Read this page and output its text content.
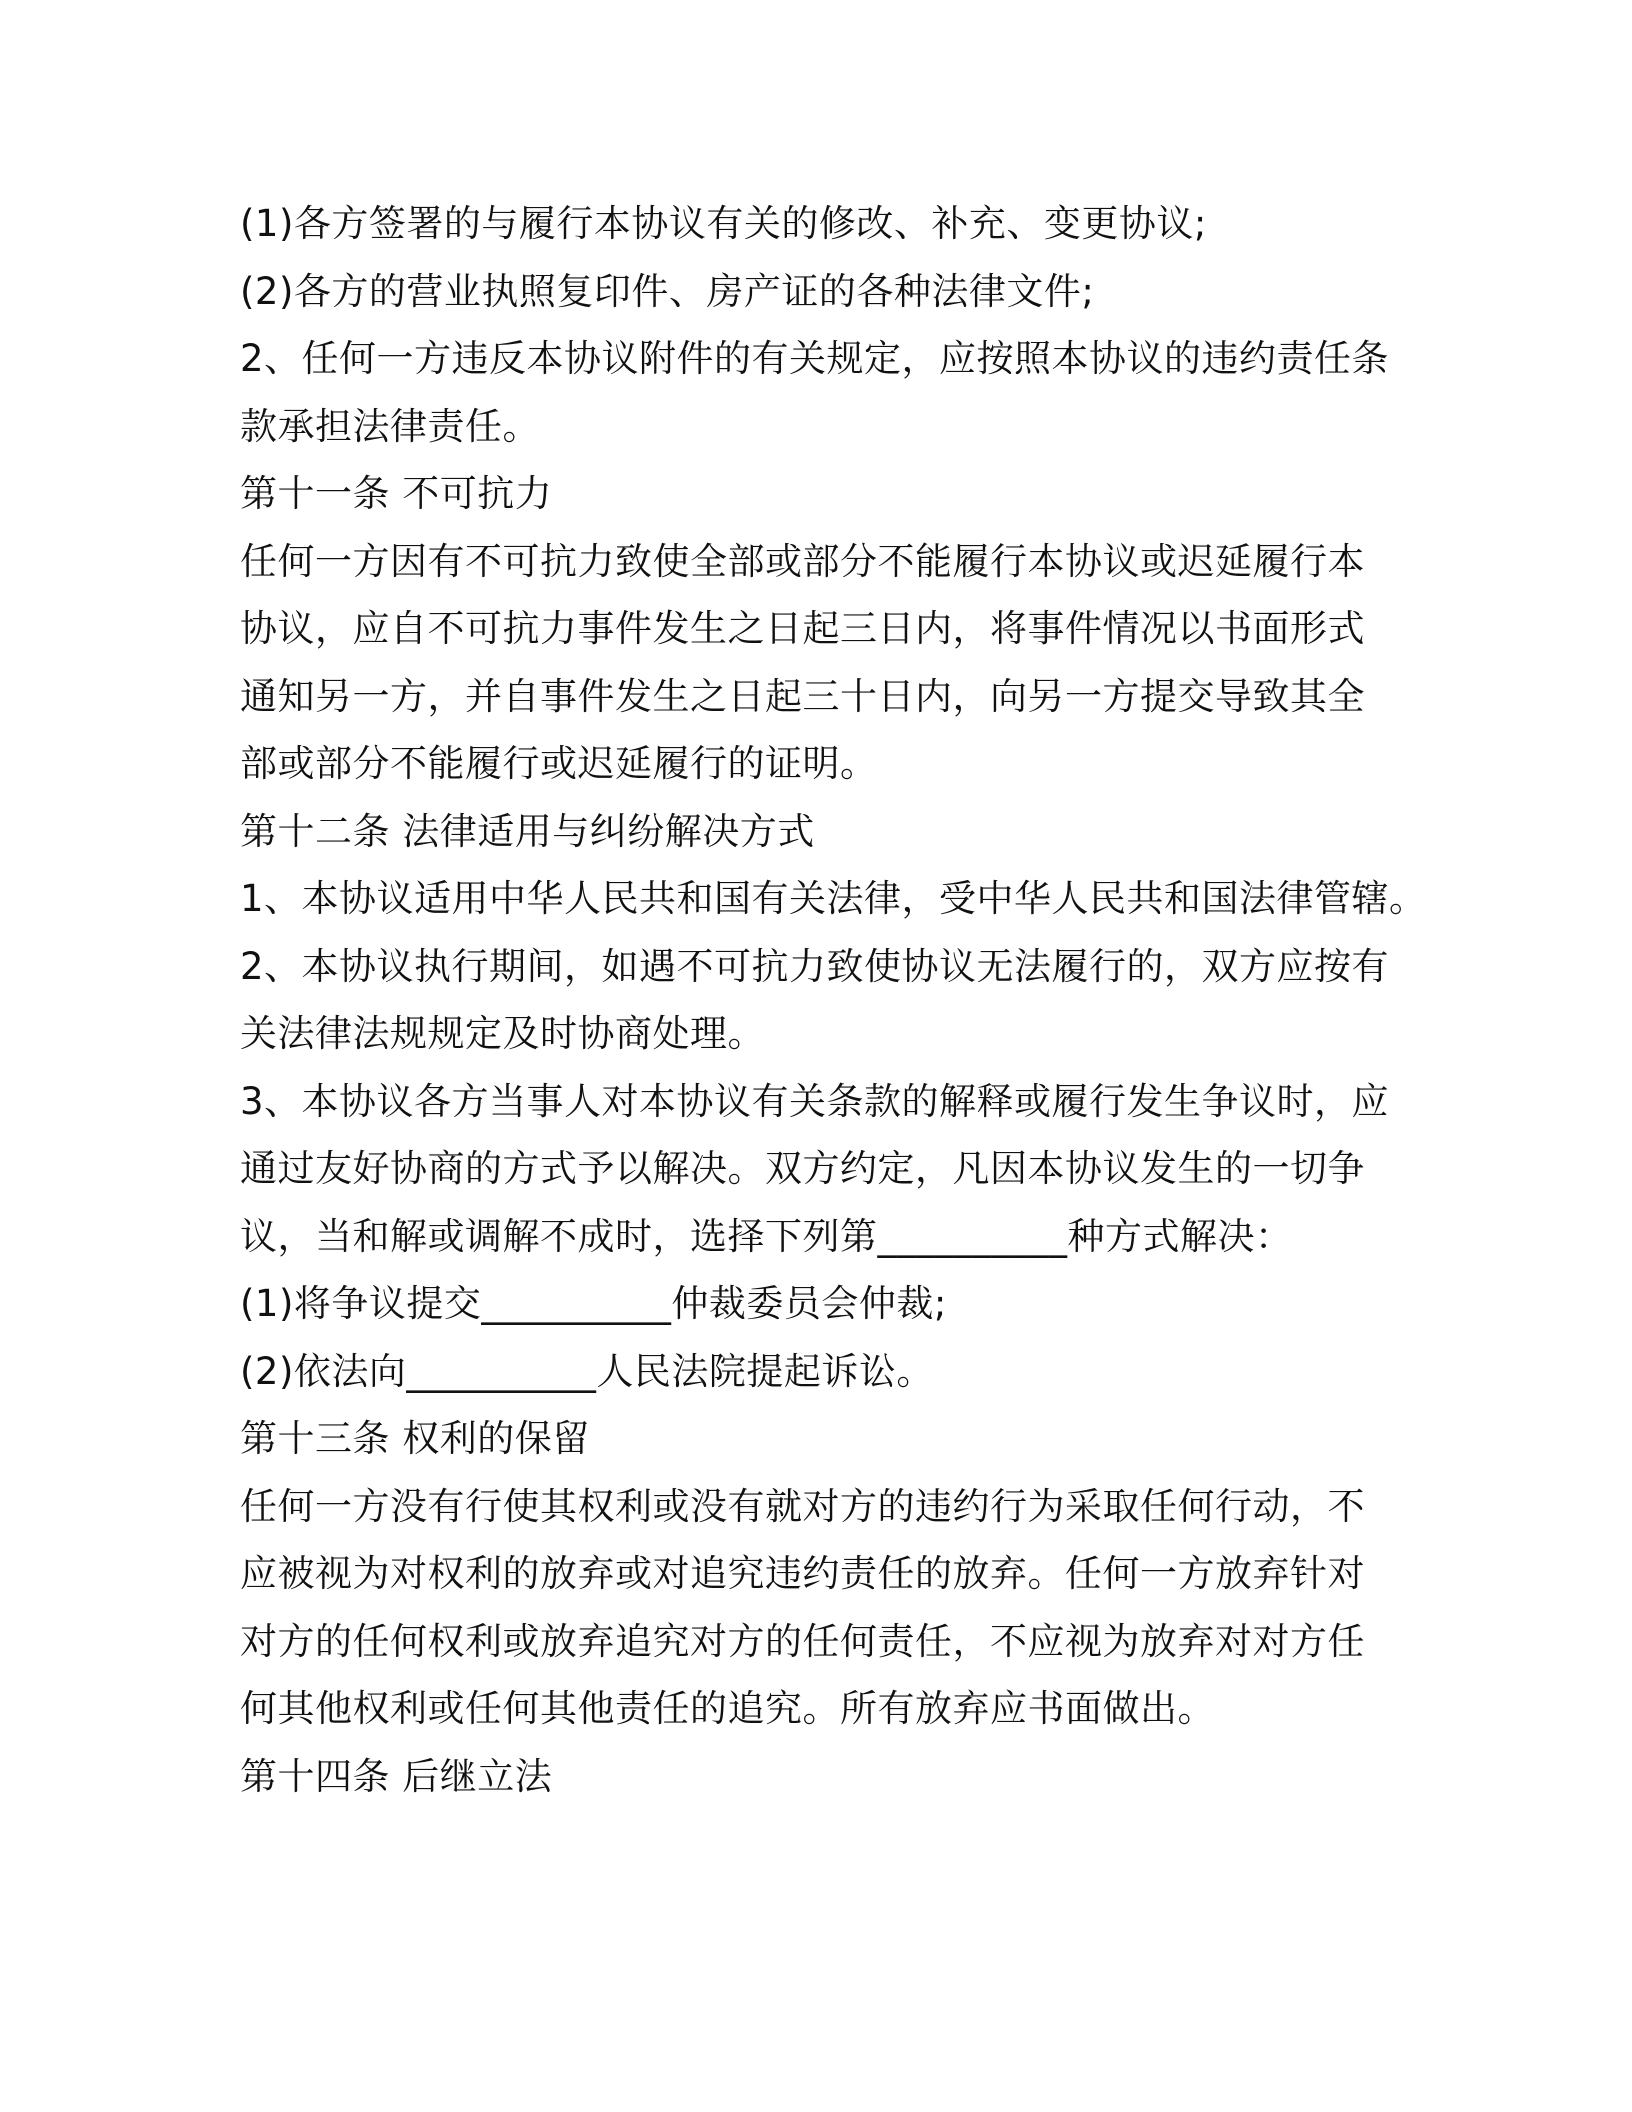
(1)各方签署的与履行本协议有关的修改、补充、变更协议;
(2)各方的营业执照复印件、房产证的各种法律文件;
2、任何一方违反本协议附件的有关规定，应按照本协议的违约责任条
款承担法律责任。
第十一条 不可抗力
任何一方因有不可抗力致使全部或部分不能履行本协议或迟延履行本
协议，应自不可抗力事件发生之日起三日内，将事件情况以书面形式
通知另一方，并自事件发生之日起三十日内，向另一方提交导致其全
部或部分不能履行或迟延履行的证明。
第十二条 法律适用与纠纷解决方式
1、本协议适用中华人民共和国有关法律，受中华人民共和国法律管辖。
2、本协议执行期间，如遇不可抗力致使协议无法履行的，双方应按有
关法律法规规定及时协商处理。
3、本协议各方当事人对本协议有关条款的解释或履行发生争议时，应
通过友好协商的方式予以解决。双方约定，凡因本协议发生的一切争
议，当和解或调解不成时，选择下列第__________种方式解决：
(1)将争议提交__________仲裁委员会仲裁;
(2)依法向__________人民法院提起诉讼。
第十三条 权利的保留
任何一方没有行使其权利或没有就对方的违约行为采取任何行动，不
应被视为对权利的放弃或对追究违约责任的放弃。任何一方放弃针对
对方的任何权利或放弃追究对方的任何责任，不应视为放弃对对方任
何其他权利或任何其他责任的追究。所有放弃应书面做出。
第十四条 后继立法
